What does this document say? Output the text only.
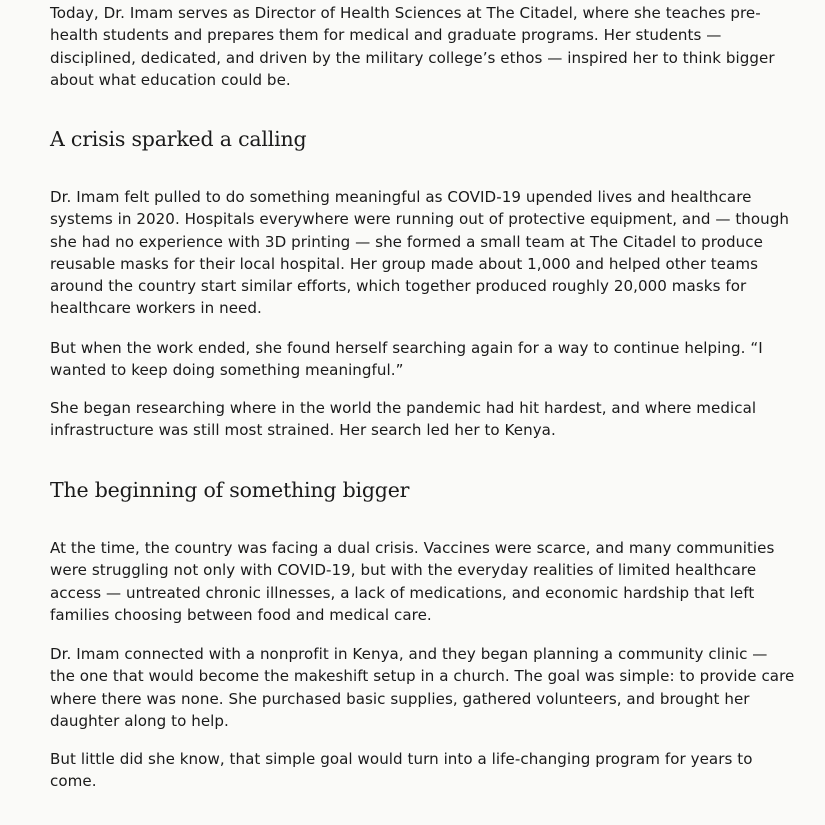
Today, Dr. Imam serves as Director of Health Sciences at The Citadel, where she teaches pre-
health students and prepares them for medical and graduate programs. Her students —
disciplined, dedicated, and driven by the military college’s ethos — inspired her to think bigger
about what education could be.

A crisis sparked a calling

Dr. Imam felt pulled to do something meaningful as COVID-19 upended lives and healthcare
systems in 2020. Hospitals everywhere were running out of protective equipment, and — though
she had no experience with 3D printing — she formed a small team at The Citadel to produce
reusable masks for their local hospital. Her group made about 1,000 and helped other teams
around the country start similar efforts, which together produced roughly 20,000 masks for
healthcare workers in need.

But when the work ended, she found herself searching again for a way to continue helping. “I
wanted to keep doing something meaningful.”

She began researching where in the world the pandemic had hit hardest, and where medical
infrastructure was still most strained. Her search led her to Kenya.

The beginning of something bigger

At the time, the country was facing a dual crisis. Vaccines were scarce, and many communities
were struggling not only with COVID-19, but with the everyday realities of limited healthcare
access — untreated chronic illnesses, a lack of medications, and economic hardship that left
families choosing between food and medical care.

Dr. Imam connected with a nonprofit in Kenya, and they began planning a community clinic —
the one that would become the makeshift setup in a church. The goal was simple: to provide care
where there was none. She purchased basic supplies, gathered volunteers, and brought her
daughter along to help.

But little did she know, that simple goal would turn into a life-changing program for years to
come.
